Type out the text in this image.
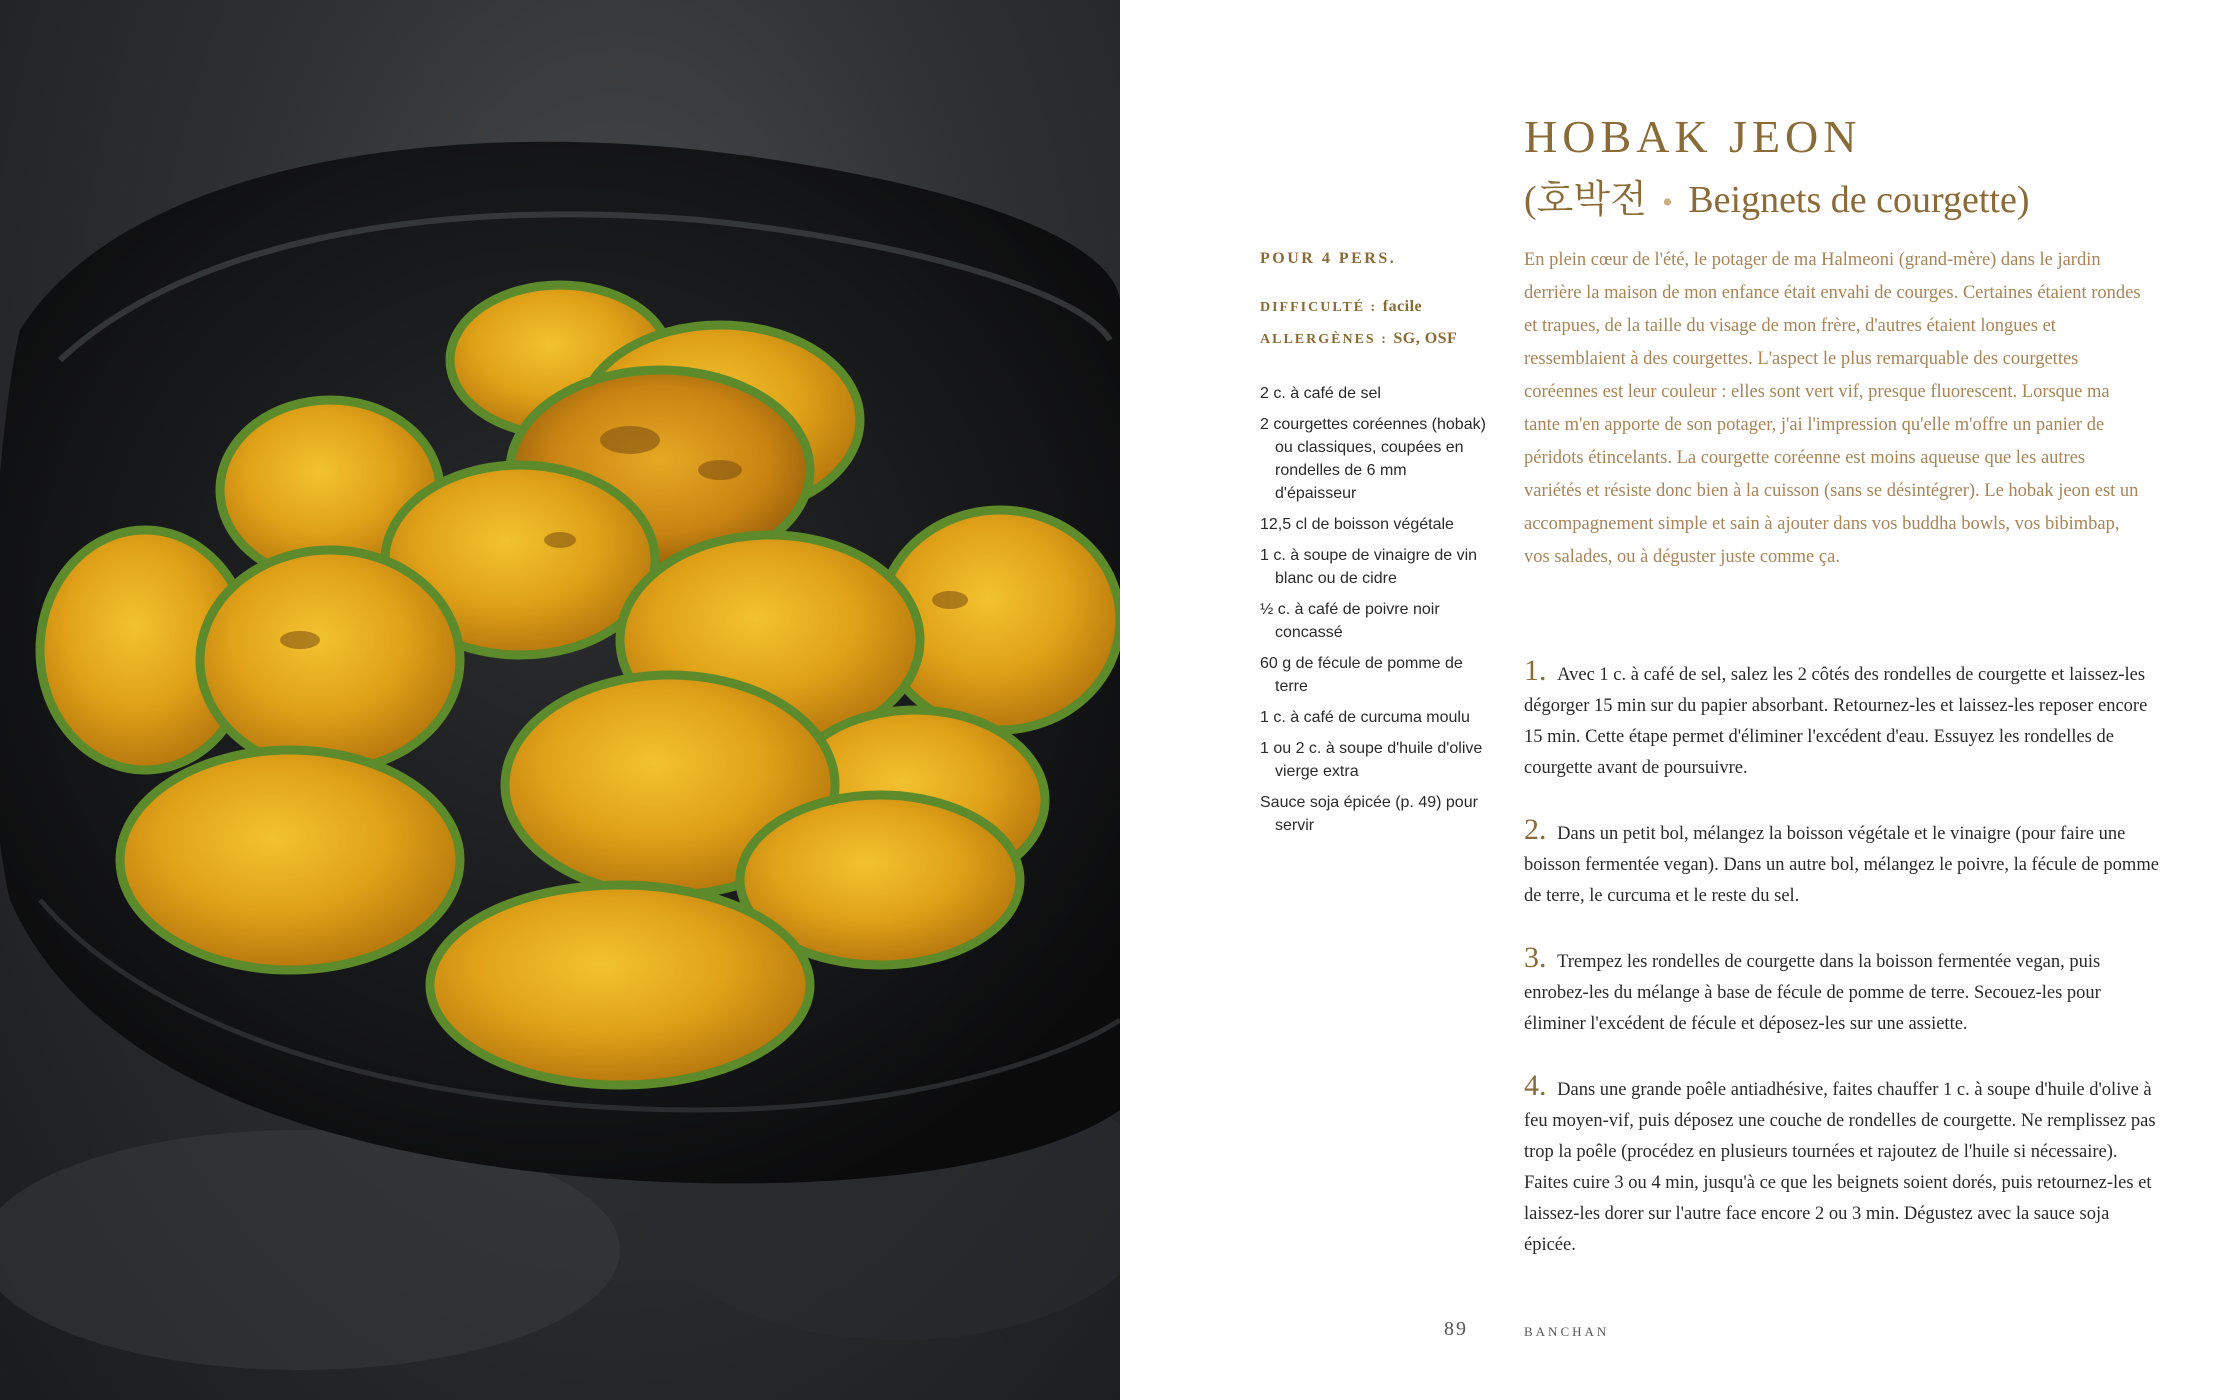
HOBAK JEON
(호박전 • Beignets de courgette)
POUR 4 PERS.
DIFFICULTÉ : facile
ALLERGÈNES : SG, OSF
2 c. à café de sel
2 courgettes coréennes (hobak) ou classiques, coupées en rondelles de 6 mm d'épaisseur
12,5 cl de boisson végétale
1 c. à soupe de vinaigre de vin blanc ou de cidre
½ c. à café de poivre noir concassé
60 g de fécule de pomme de terre
1 c. à café de curcuma moulu
1 ou 2 c. à soupe d'huile d'olive vierge extra
Sauce soja épicée (p. 49) pour servir

En plein cœur de l'été, le potager de ma Halmeoni (grand-mère) dans le jardin derrière la maison de mon enfance était envahi de courges. Certaines étaient rondes et trapues, de la taille du visage de mon frère, d'autres étaient longues et ressemblaient à des courgettes. L'aspect le plus remarquable des courgettes coréennes est leur couleur : elles sont vert vif, presque fluorescent. Lorsque ma tante m'en apporte de son potager, j'ai l'impression qu'elle m'offre un panier de péridots étincelants. La courgette coréenne est moins aqueuse que les autres variétés et résiste donc bien à la cuisson (sans se désintégrer). Le hobak jeon est un accompagnement simple et sain à ajouter dans vos buddha bowls, vos bibimbap, vos salades, ou à déguster juste comme ça.

1. Avec 1 c. à café de sel, salez les 2 côtés des rondelles de courgette et laissez-les dégorger 15 min sur du papier absorbant. Retournez-les et laissez-les reposer encore 15 min. Cette étape permet d'éliminer l'excédent d'eau. Essuyez les rondelles de courgette avant de poursuivre.

2. Dans un petit bol, mélangez la boisson végétale et le vinaigre (pour faire une boisson fermentée vegan). Dans un autre bol, mélangez le poivre, la fécule de pomme de terre, le curcuma et le reste du sel.

3. Trempez les rondelles de courgette dans la boisson fermentée vegan, puis enrobez-les du mélange à base de fécule de pomme de terre. Secouez-les pour éliminer l'excédent de fécule et déposez-les sur une assiette.

4. Dans une grande poêle antiadhésive, faites chauffer 1 c. à soupe d'huile d'olive à feu moyen-vif, puis déposez une couche de rondelles de courgette. Ne remplissez pas trop la poêle (procédez en plusieurs tournées et rajoutez de l'huile si nécessaire). Faites cuire 3 ou 4 min, jusqu'à ce que les beignets soient dorés, puis retournez-les et laissez-les dorer sur l'autre face encore 2 ou 3 min. Dégustez avec la sauce soja épicée.

89	BANCHAN
